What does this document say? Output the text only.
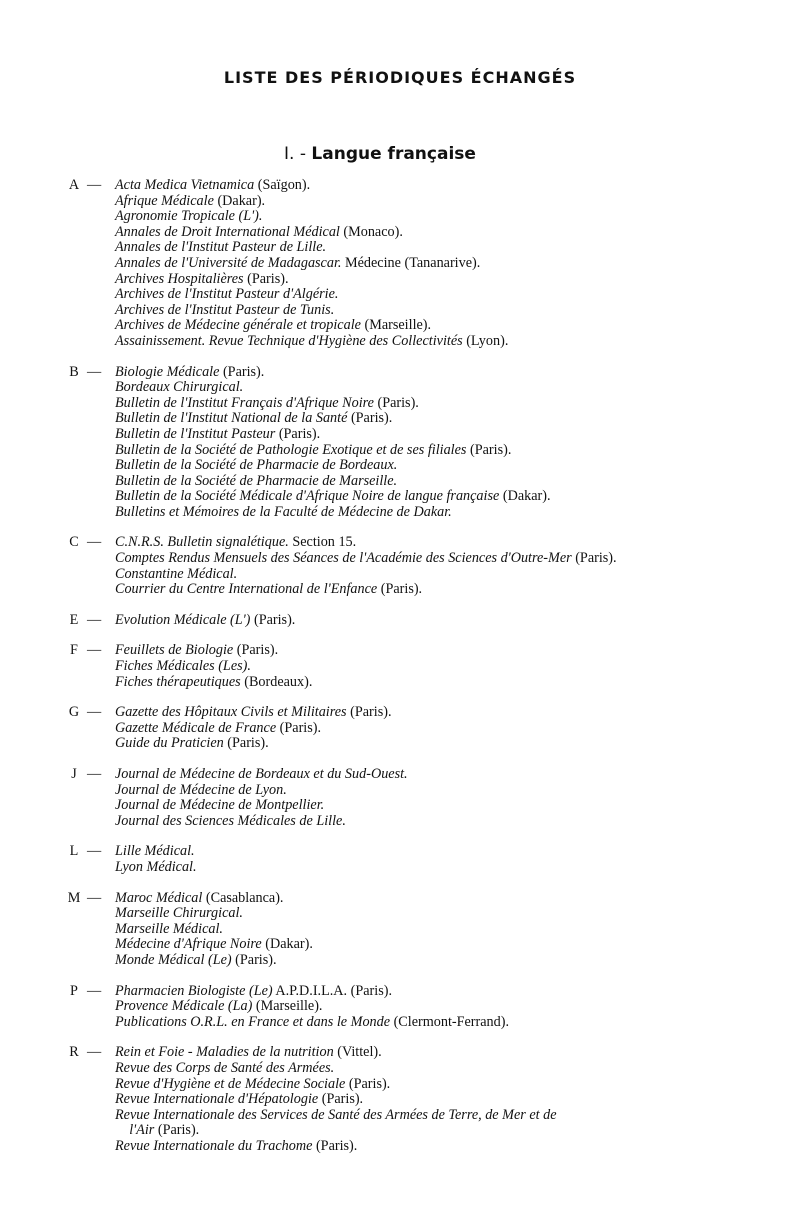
LISTE DES PÉRIODIQUES ÉCHANGÉS
I. - Langue française
A — Acta Medica Vietnamica (Saïgon).
Afrique Médicale (Dakar).
Agronomie Tropicale (L').
Annales de Droit International Médical (Monaco).
Annales de l'Institut Pasteur de Lille.
Annales de l'Université de Madagascar. Médecine (Tananarive).
Archives Hospitalières (Paris).
Archives de l'Institut Pasteur d'Algérie.
Archives de l'Institut Pasteur de Tunis.
Archives de Médecine générale et tropicale (Marseille).
Assainissement. Revue Technique d'Hygiène des Collectivités (Lyon).
B — Biologie Médicale (Paris).
Bordeaux Chirurgical.
Bulletin de l'Institut Français d'Afrique Noire (Paris).
Bulletin de l'Institut National de la Santé (Paris).
Bulletin de l'Institut Pasteur (Paris).
Bulletin de la Société de Pathologie Exotique et de ses filiales (Paris).
Bulletin de la Société de Pharmacie de Bordeaux.
Bulletin de la Société de Pharmacie de Marseille.
Bulletin de la Société Médicale d'Afrique Noire de langue française (Dakar).
Bulletins et Mémoires de la Faculté de Médecine de Dakar.
C — C.N.R.S. Bulletin signalétique. Section 15.
Comptes Rendus Mensuels des Séances de l'Académie des Sciences d'Outre-Mer (Paris).
Constantine Médical.
Courrier du Centre International de l'Enfance (Paris).
E — Evolution Médicale (L') (Paris).
F — Feuillets de Biologie (Paris).
Fiches Médicales (Les).
Fiches thérapeutiques (Bordeaux).
G — Gazette des Hôpitaux Civils et Militaires (Paris).
Gazette Médicale de France (Paris).
Guide du Praticien (Paris).
J — Journal de Médecine de Bordeaux et du Sud-Ouest.
Journal de Médecine de Lyon.
Journal de Médecine de Montpellier.
Journal des Sciences Médicales de Lille.
L — Lille Médical.
Lyon Médical.
M — Maroc Médical (Casablanca).
Marseille Chirurgical.
Marseille Médical.
Médecine d'Afrique Noire (Dakar).
Monde Médical (Le) (Paris).
P — Pharmacien Biologiste (Le) A.P.D.I.L.A. (Paris).
Provence Médicale (La) (Marseille).
Publications O.R.L. en France et dans le Monde (Clermont-Ferrand).
R — Rein et Foie - Maladies de la nutrition (Vittel).
Revue des Corps de Santé des Armées.
Revue d'Hygiène et de Médecine Sociale (Paris).
Revue Internationale d'Hépatologie (Paris).
Revue Internationale des Services de Santé des Armées de Terre, de Mer et de
l'Air (Paris).
Revue Internationale du Trachome (Paris).
